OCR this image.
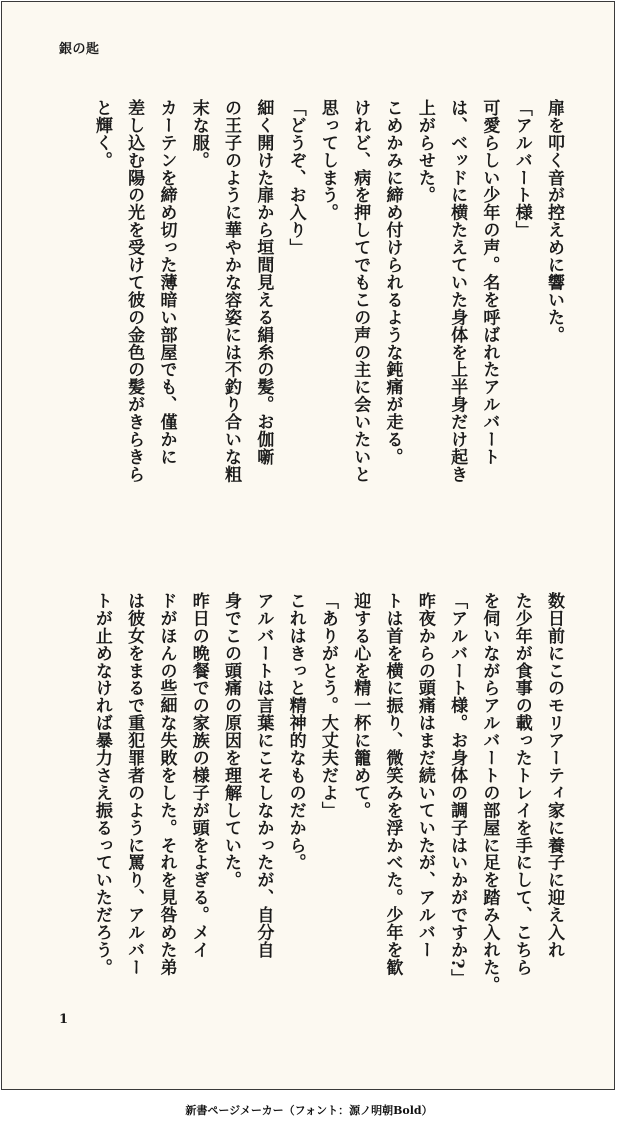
銀の匙
扉を叩く音が控えめに響いた。
「アルバート様」
可愛らしい少年の声。名を呼ばれたアルバート
は、ベッドに横たえていた身体を上半身だけ起き
上がらせた。
こめかみに締め付けられるような鈍痛が走る。
けれど、病を押してでもこの声の主に会いたいと
思ってしまう。
「どうぞ、お入り」
細く開けた扉から垣間見える絹糸の髪。お伽噺
の王子のように華やかな容姿には不釣り合いな粗
末な服。
カーテンを締め切った薄暗い部屋でも、僅かに
差し込む陽の光を受けて彼の金色の髪がきらきら
と輝く。
数日前にこのモリアーティ家に養子に迎え入れ
た少年が食事の載ったトレイを手にして、こちら
を伺いながらアルバートの部屋に足を踏み入れた。
「アルバート様。お身体の調子はいかがですか?」
昨夜からの頭痛はまだ続いていたが、アルバー
トは首を横に振り、微笑みを浮かべた。少年を歓
迎する心を精一杯に籠めて。
「ありがとう。大丈夫だよ」
これはきっと精神的なものだから。
アルバートは言葉にこそしなかったが、自分自
身でこの頭痛の原因を理解していた。
昨日の晩餐での家族の様子が頭をよぎる。メイ
ドがほんの些細な失敗をした。それを見咎めた弟
は彼女をまるで重犯罪者のように罵り、アルバー
トが止めなければ暴力さえ振るっていただろう。
1
新書ページメーカー（フォント：源ノ明朝Bold）
